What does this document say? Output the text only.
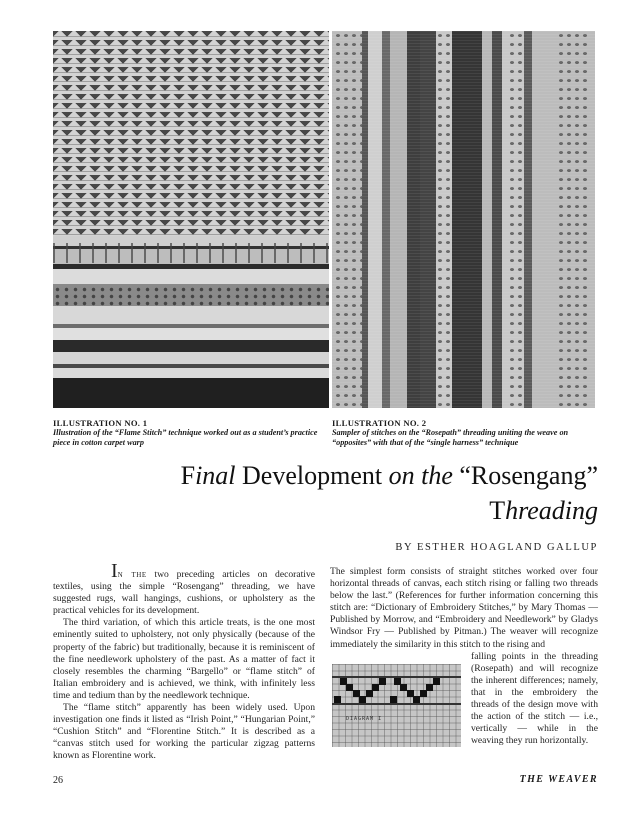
ILLUSTRATION NO. 1
Illustration of the “Flame Stitch” technique worked out as a student’s practice piece in cotton carpet warp
ILLUSTRATION NO. 2
Sampler of stitches on the “Rosepath” threading uniting the weave on “opposites” with that of the “single harness” technique
Final Development on the “Rosengang”
Threading
BY ESTHER HOAGLAND GALLUP

In the two preceding articles on decorative textiles, using the simple “Rosengang” threading, we have suggested rugs, wall hangings, cushions, or upholstery as the practical vehicles for its development.

The third variation, of which this article treats, is the one most eminently suited to upholstery, not only physically (because of the property of the fabric) but traditionally, because it is reminiscent of the fine needlework upholstery of the past. As a matter of fact it closely resembles the charming “Bargello” or “flame stitch” of Italian embroidery and is achieved, we think, with infinitely less time and tedium than by the needlework technique.

The “flame stitch” apparently has been widely used. Upon investigation one finds it listed as “Irish Point,” “Hungarian Point,” “Cushion Stitch” and “Florentine Stitch.” It is described as a “canvas stitch used for working the particular zigzag patterns known as Florentine work.

The simplest form consists of straight stitches worked over four horizontal threads of canvas, each stitch rising or falling two threads below the last.” (References for further information concerning this stitch are: “Dictionary of Embroidery Stitches,” by Mary Thomas — Published by Morrow, and “Embroidery and Needlework” by Gladys Windsor Fry — Published by Pitman.) The weaver will recognize immediately the similarity in this stitch to the rising and

falling points in the threading (Rosepath) and will recognize the inherent differences; namely, that in the embroidery the threads of the design move with the action of the stitch — i.e., vertically — while in the weaving they run horizontally.

DIAGRAM I
26	THE WEAVER
